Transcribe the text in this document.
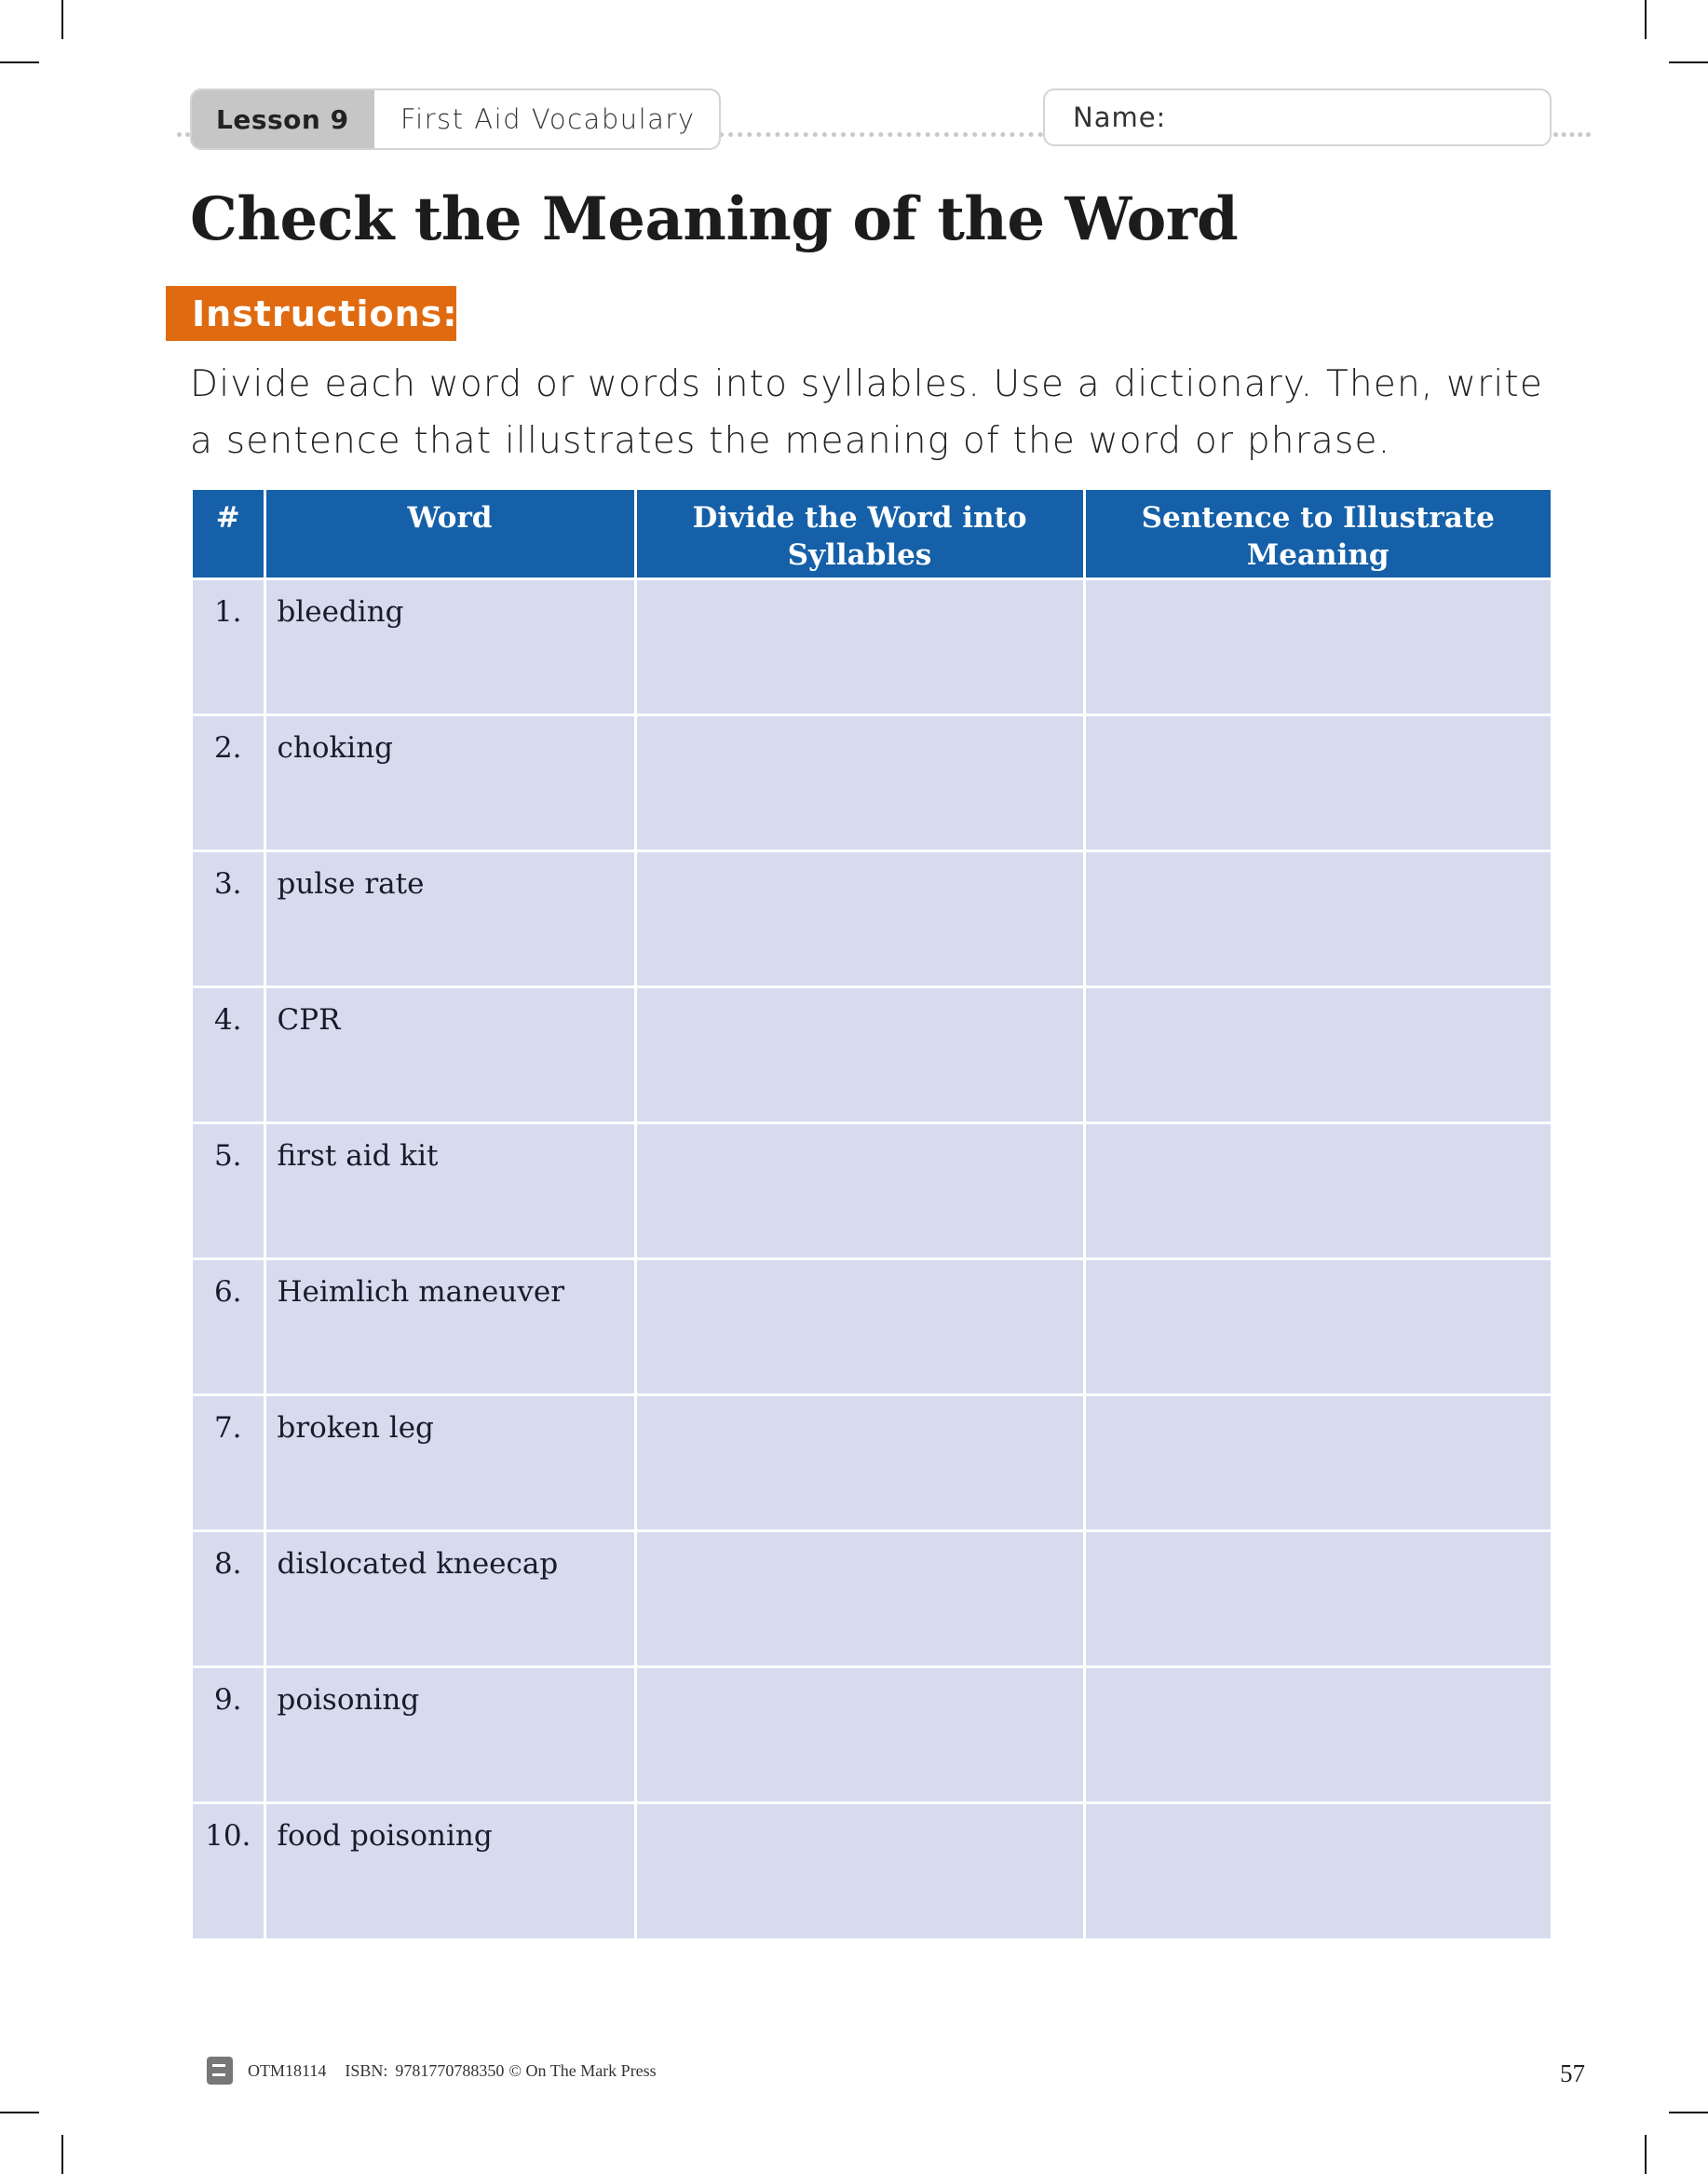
Lesson 9	First Aid Vocabulary	Name:
Check the Meaning of the Word
Instructions:
Divide each word or words into syllables. Use a dictionary. Then, write a sentence that illustrates the meaning of the word or phrase.
#	Word	Divide the Word into Syllables	Sentence to Illustrate Meaning
1.	bleeding		
2.	choking		
3.	pulse rate		
4.	CPR		
5.	first aid kit		
6.	Heimlich maneuver		
7.	broken leg		
8.	dislocated kneecap		
9.	poisoning		
10.	food poisoning		
OTM18114 ISBN: 9781770788350 © On The Mark Press	57
